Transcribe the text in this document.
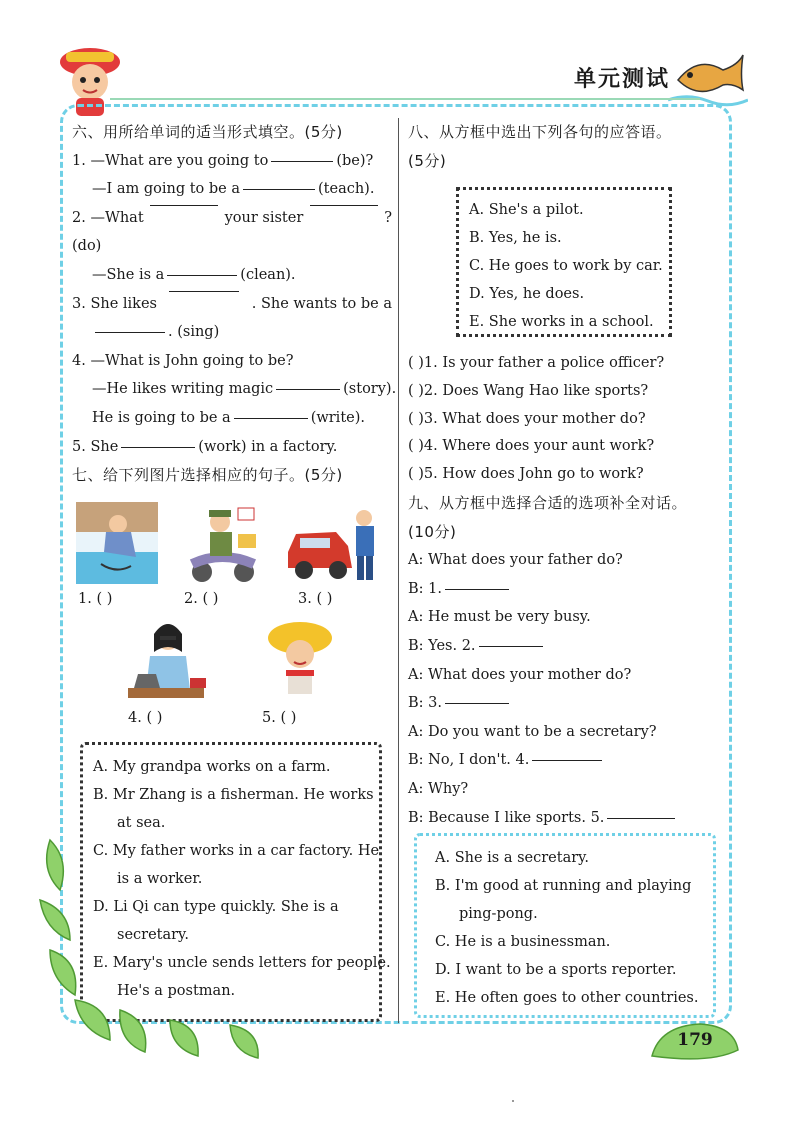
单元测试
六、用所给单词的适当形式填空。(5分)
1. —What are you going to	(be)?
—I am going to be a	(teach).
2. —What	your sister	?
(do)
—She is a	(clean).
3. She likes	. She wants to be a
. (sing)
4. —What is John going to be?
—He likes writing magic	(story).
He is going to be a	(write).
5. She	(work) in a factory.
七、给下列图片选择相应的句子。(5分)
1. ( )	2. ( )	3. ( )
4. ( )	5. ( )
A. My grandpa works on a farm.
B. Mr Zhang is a fisherman. He works
at sea.
C. My father works in a car factory. He
is a worker.
D. Li Qi can type quickly. She is a
secretary.
E. Mary's uncle sends letters for people.
He's a postman.
八、从方框中选出下列各句的应答语。
(5分)
A. She's a pilot.
B. Yes, he is.
C. He goes to work by car.
D. Yes, he does.
E. She works in a school.
( )1. Is your father a police officer?
( )2. Does Wang Hao like sports?
( )3. What does your mother do?
( )4. Where does your aunt work?
( )5. How does John go to work?
九、从方框中选择合适的选项补全对话。
(10分)
A: What does your father do?
B: 1.
A: He must be very busy.
B: Yes. 2.
A: What does your mother do?
B: 3.
A: Do you want to be a secretary?
B: No, I don't. 4.
A: Why?
B: Because I like sports. 5.
A. She is a secretary.
B. I'm good at running and playing
ping-pong.
C. He is a businessman.
D. I want to be a sports reporter.
E. He often goes to other countries.
179
